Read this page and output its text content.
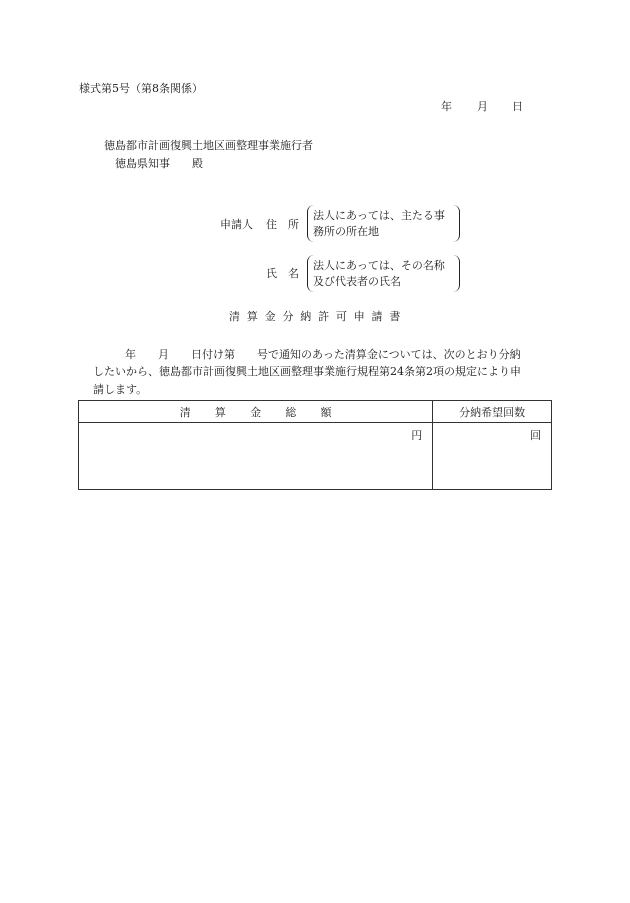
様式第5号（第8条関係）
年 月 日
徳島都市計画復興土地区画整理事業施行者
徳島県知事　　殿
申請人 住　所
法人にあっては、主たる事
務所の所在地
氏　名
法人にあっては、その名称
及び代表者の氏名
清算金分納許可申請書
年　　月　　日付け第　　号で通知のあった清算金については、次のとおり分納
したいから、徳島都市計画復興土地区画整理事業施行規程第24条第2項の規定により申
請します。
清算金総額	分納希望回数

円	回
